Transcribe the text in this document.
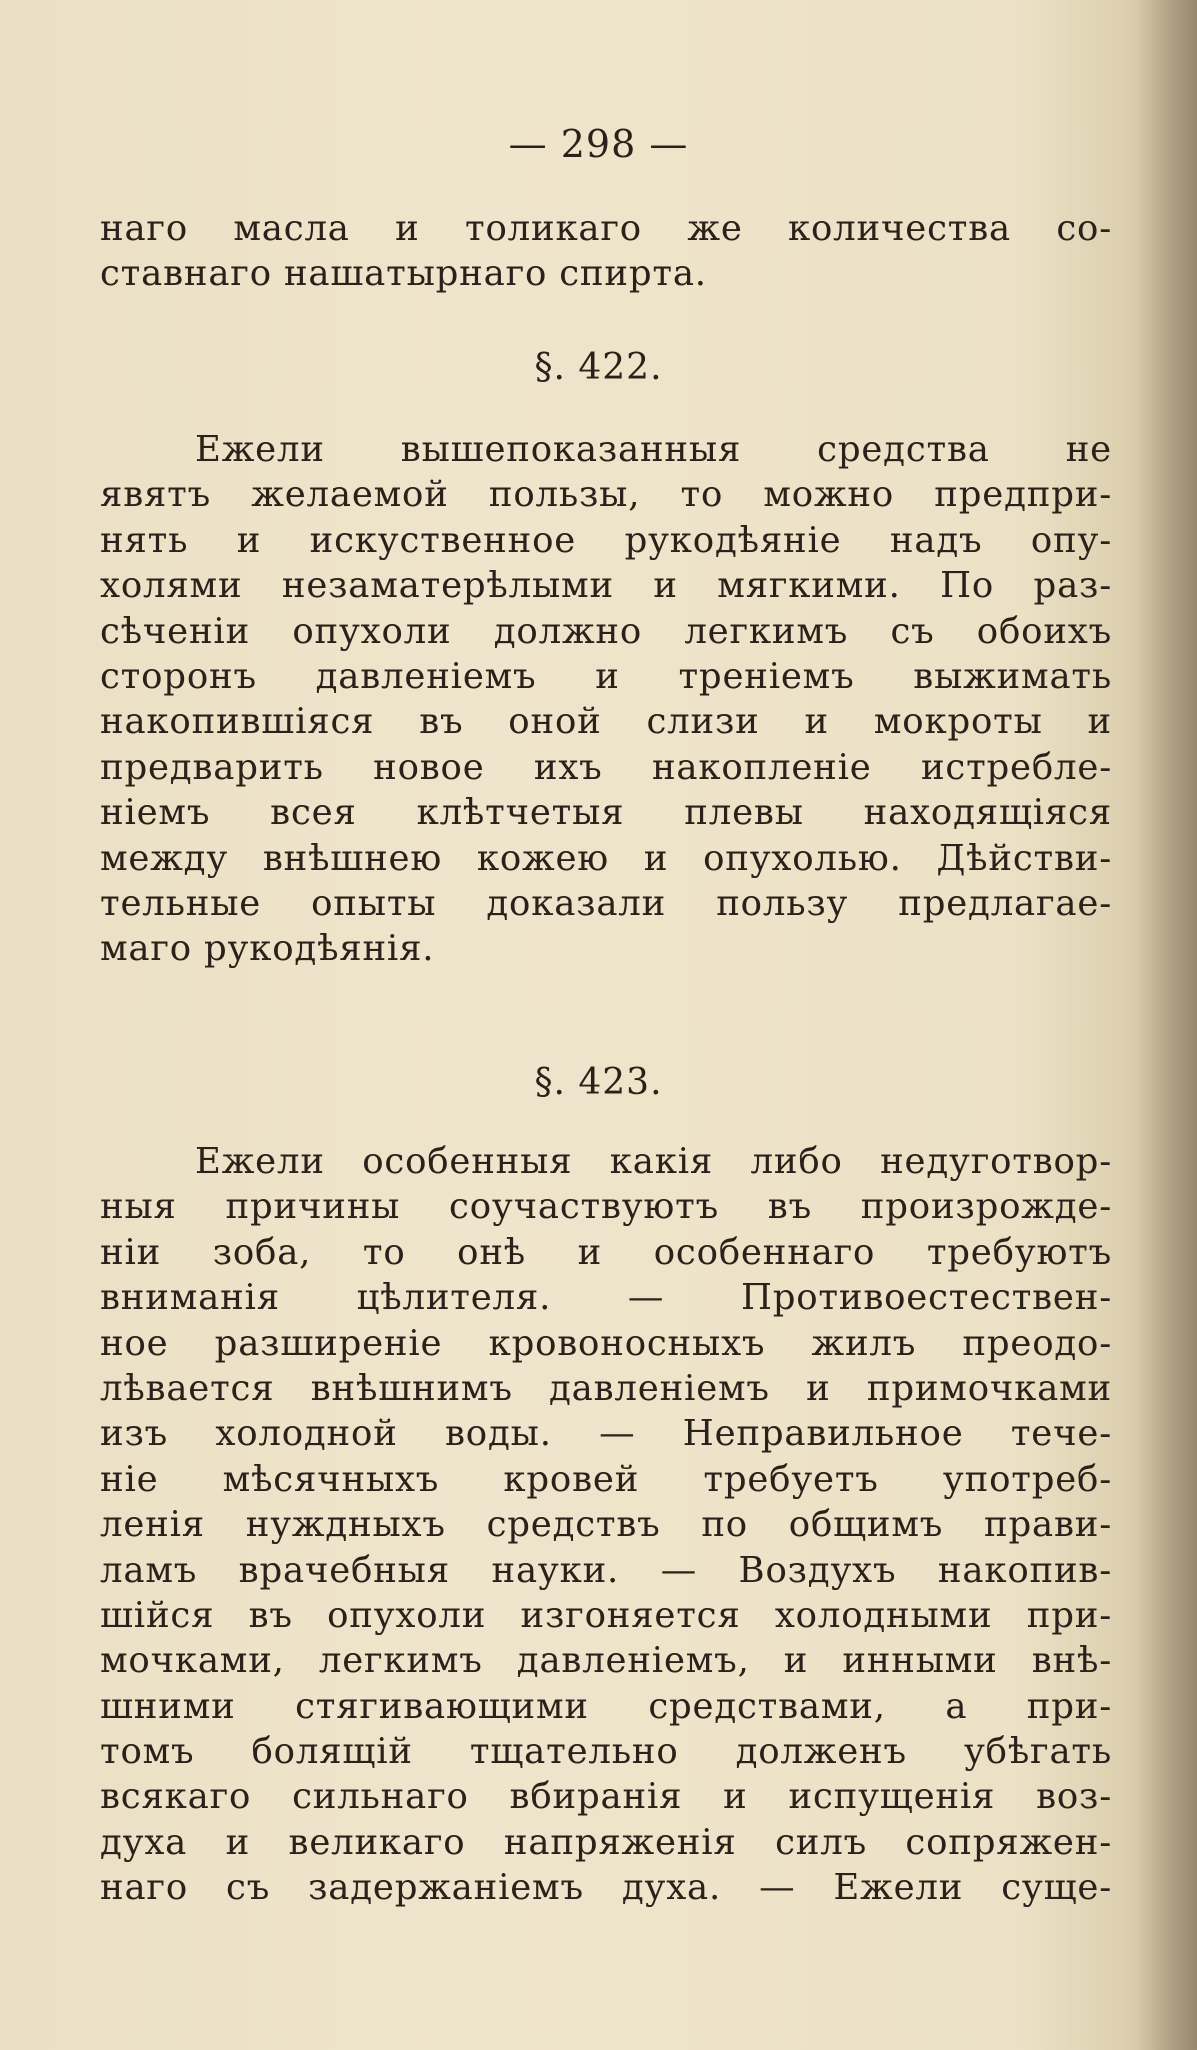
— 298 —
наго масла и толикаго же количества со-
ставнаго нашатырнаго спирта.
§. 422.
Ежели вышепоказанныя средства не
явятъ желаемой пользы, то можно предпри-
нять и искуственное рукодѣяніе надъ опу-
холями незаматерѣлыми и мягкими. По раз-
сѣченіи опухоли должно легкимъ съ обоихъ
сторонъ давленіемъ и треніемъ выжимать
накопившіяся въ оной слизи и мокроты и
предварить новое ихъ накопленіе истребле-
ніемъ всея клѣтчетыя плевы находящіяся
между внѣшнею кожею и опухолью. Дѣйстви-
тельные опыты доказали пользу предлагае-
маго рукодѣянія.
§. 423.
Ежели особенныя какія либо недуготвор-
ныя причины соучаствуютъ въ произрожде-
ніи зоба, то онѣ и особеннаго требуютъ
вниманія цѣлителя. — Противоестествен-
ное разширеніе кровоносныхъ жилъ преодо-
лѣвается внѣшнимъ давленіемъ и примочками
изъ холодной воды. — Неправильное тече-
ніе мѣсячныхъ кровей требуетъ употреб-
ленія нуждныхъ средствъ по общимъ прави-
ламъ врачебныя науки. — Воздухъ накопив-
шійся въ опухоли изгоняется холодными при-
мочками, легкимъ давленіемъ, и инными внѣ-
шними стягивающими средствами, а при-
томъ болящій тщательно долженъ убѣгать
всякаго сильнаго вбиранія и испущенія воз-
духа и великаго напряженія силъ сопряжен-
наго съ задержаніемъ духа. — Ежели суще-
